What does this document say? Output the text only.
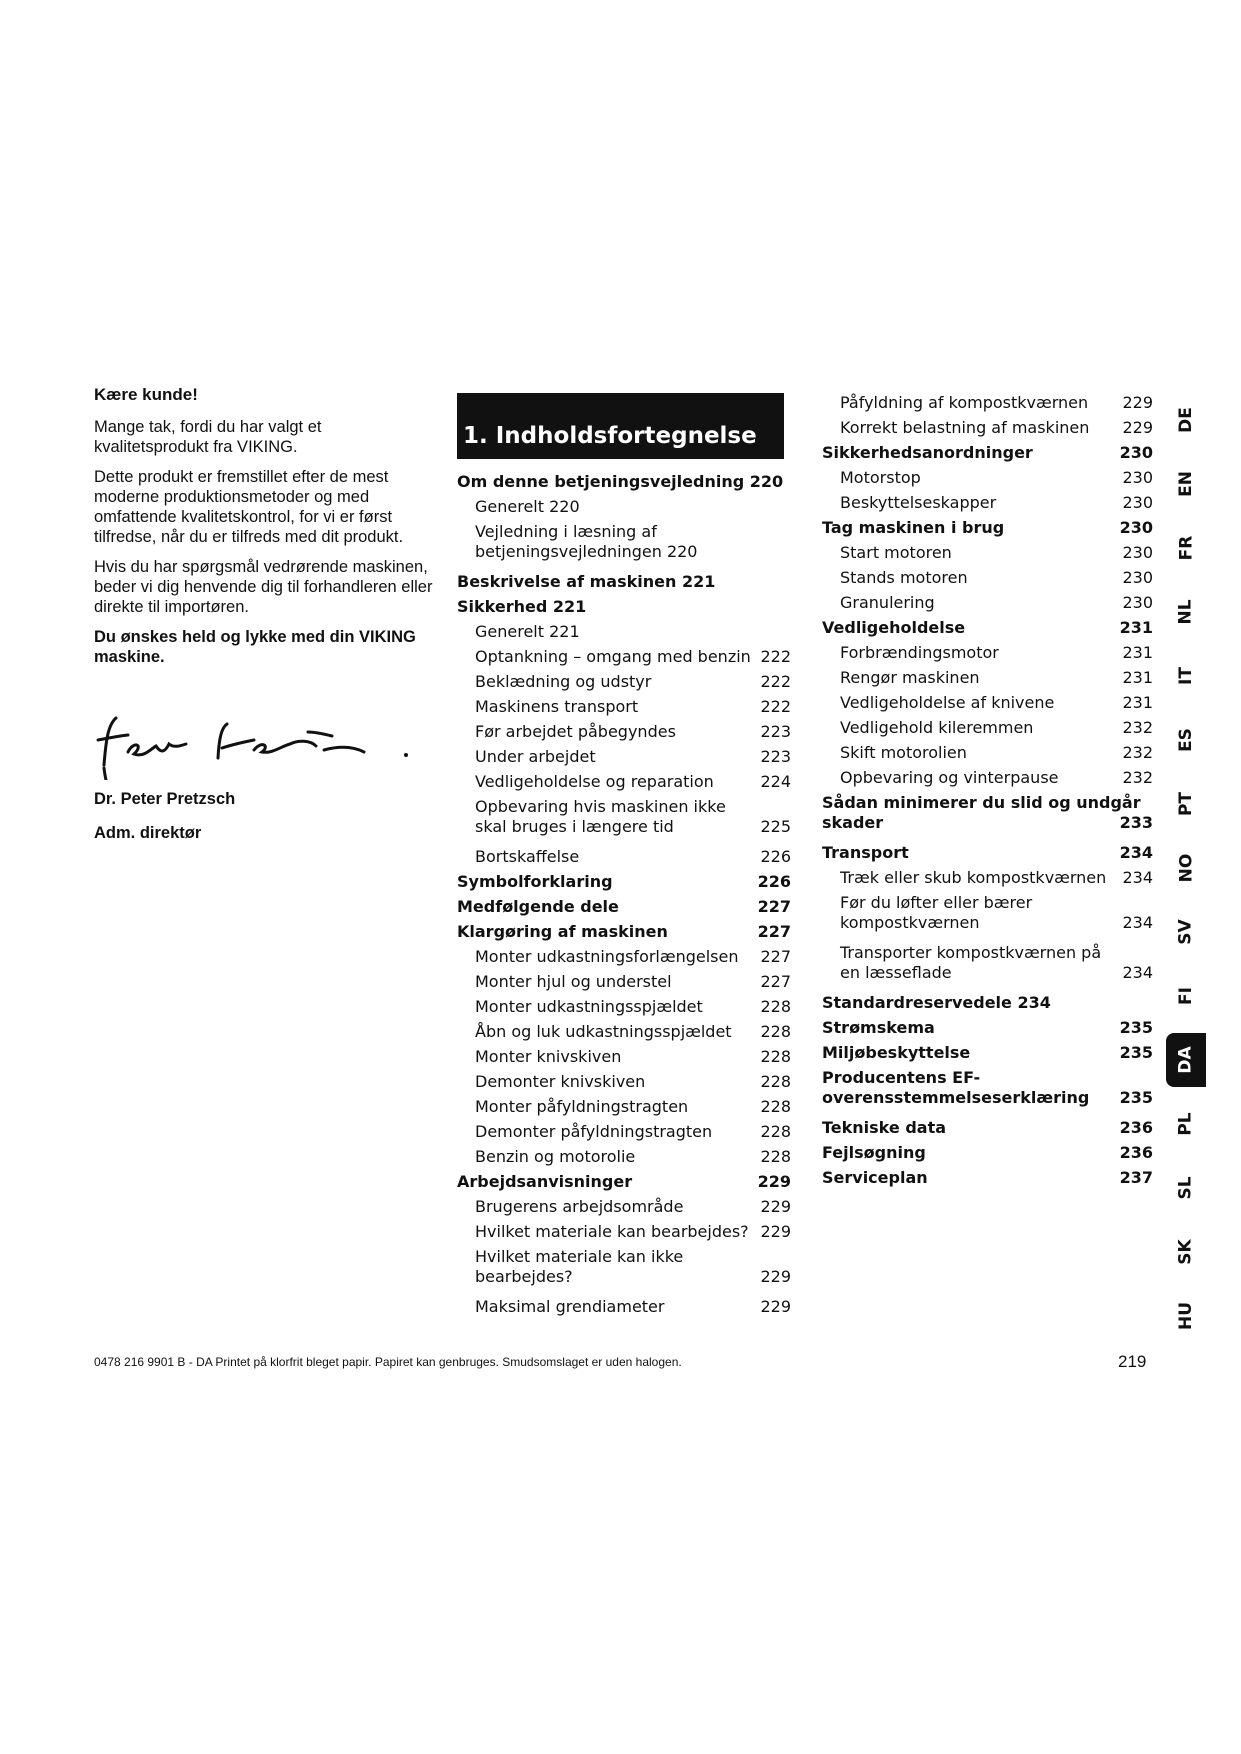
Kære kunde!

Mange tak, fordi du har valgt et kvalitetsprodukt fra VIKING.

Dette produkt er fremstillet efter de mest moderne produktionsmetoder og med omfattende kvalitetskontrol, for vi er først tilfredse, når du er tilfreds med dit produkt.

Hvis du har spørgsmål vedrørende maskinen, beder vi dig henvende dig til forhandleren eller direkte til importøren.

Du ønskes held og lykke med din VIKING maskine.

Dr. Peter Pretzsch
Adm. direktør
1. Indholdsfortegnelse
Om denne betjeningsvejledning 220
Generelt 220
Vejledning i læsning af betjeningsvejledningen 220
Beskrivelse af maskinen 221
Sikkerhed 221
Generelt 221
Optankning – omgang med benzin 222
Beklædning og udstyr	222
Maskinens transport	222
Før arbejdet påbegyndes	223
Under arbejdet	223
Vedligeholdelse og reparation	224
Opbevaring hvis maskinen ikke skal bruges i længere tid	225
Bortskaffelse	226
Symbolforklaring	226
Medfølgende dele	227
Klargøring af maskinen	227
Monter udkastningsforlængelsen 227
Monter hjul og understel	227
Monter udkastningsspjældet	228
Åbn og luk udkastningsspjældet 228
Monter knivskiven	228
Demonter knivskiven	228
Monter påfyldningstragten	228
Demonter påfyldningstragten	228
Benzin og motorolie	228
Arbejdsanvisninger	229
Brugerens arbejdsområde	229
Hvilket materiale kan bearbejdes? 229
Hvilket materiale kan ikke bearbejdes?	229
Maksimal grendiameter	229
Påfyldning af kompostkværnen 229
Korrekt belastning af maskinen 229
Sikkerhedsanordninger	230
Motorstop	230
Beskyttelseskapper	230
Tag maskinen i brug	230
Start motoren	230
Stands motoren	230
Granulering	230
Vedligeholdelse	231
Forbrændingsmotor	231
Rengør maskinen	231
Vedligeholdelse af knivene	231
Vedligehold kileremmen	232
Skift motorolien	232
Opbevaring og vinterpause	232
Sådan minimerer du slid og undgår skader	233
Transport	234
Træk eller skub kompostkværnen 234
Før du løfter eller bærer kompostkværnen	234
Transporter kompostkværnen på en læsseflade	234
Standardreservedele 234
Strømskema	235
Miljøbeskyttelse	235
Producentens EF-overensstemmelseserklæring 235
Tekniske data	236
Fejlsøgning	236
Serviceplan	237
DE
EN
FR
NL
IT
ES
PT
NO
SV
FI
DA
PL
SL
SK
HU
0478 216 9901 B - DA Printet på klorfrit bleget papir. Papiret kan genbruges. Smudsomslaget er uden halogen.	219
